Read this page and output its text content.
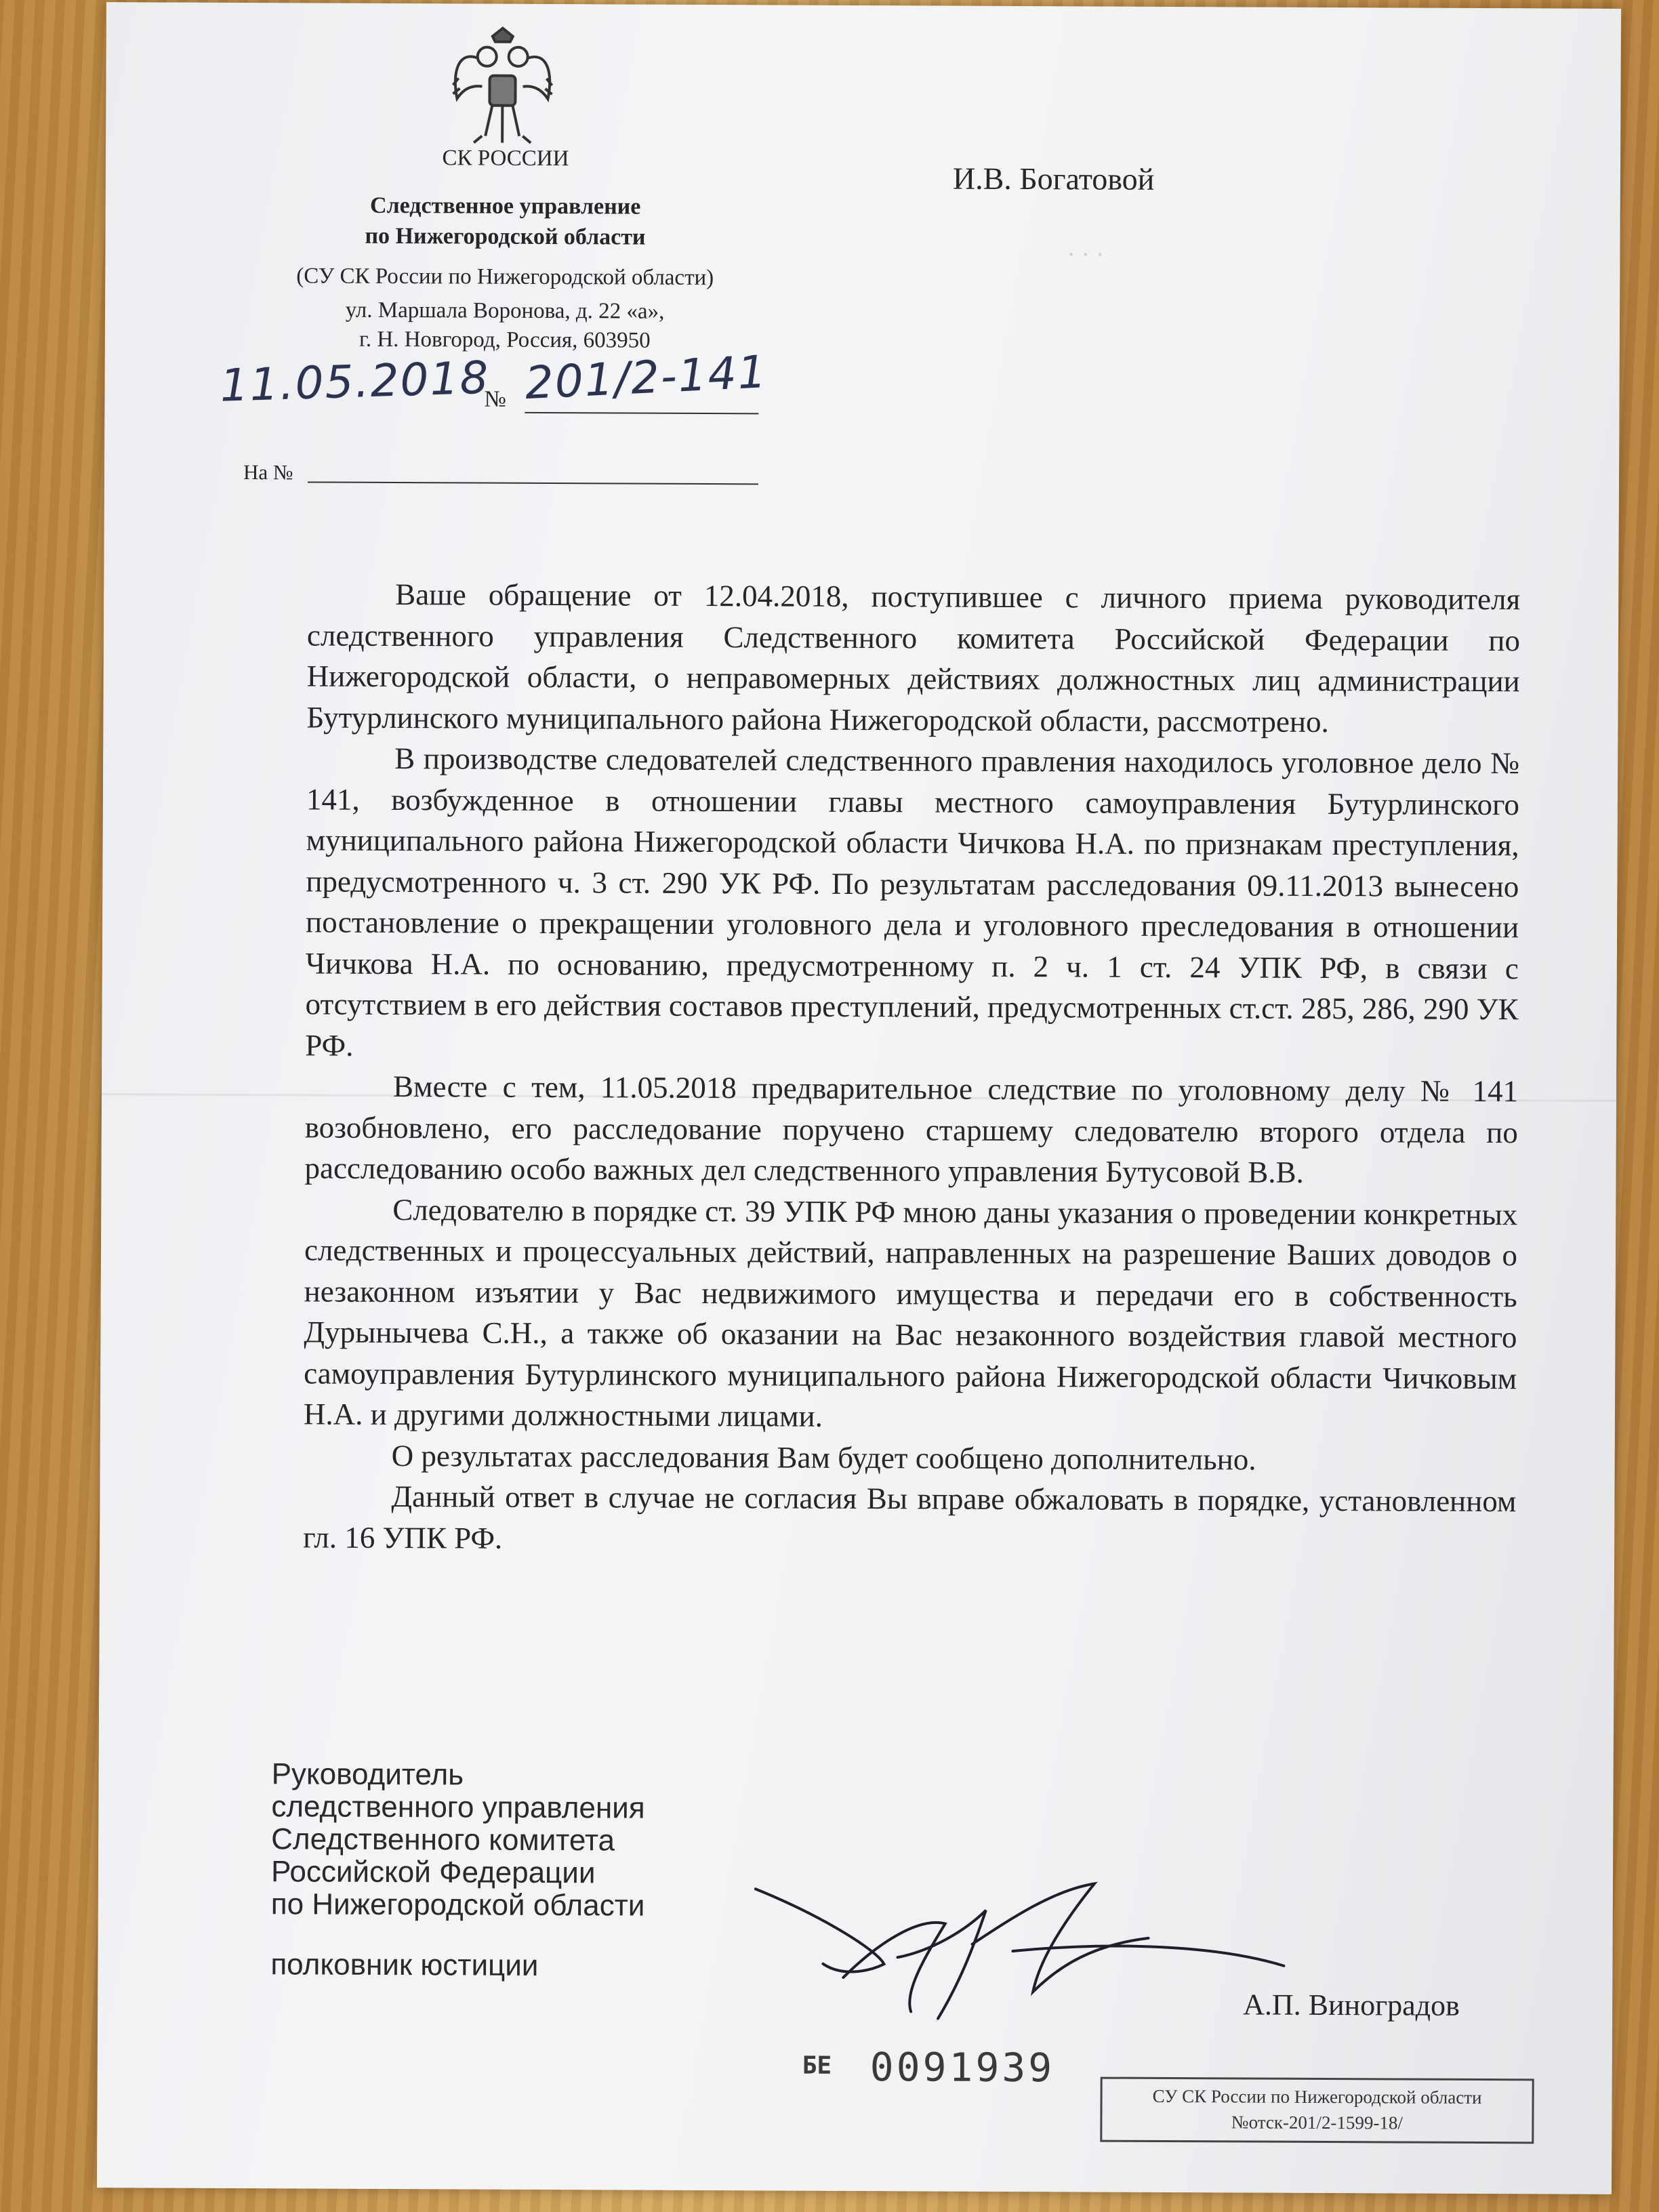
СК РОССИИ
Следственное управление
по Нижегородской области
(СУ СК России по Нижегородской области)
ул. Маршала Воронова, д. 22 «а»,
г. Н. Новгород, Россия, 603950
11.05.2018
№ 201/2-141
На №
И.В. Богатовой
. . .

Ваше обращение от 12.04.2018, поступившее с личного приема руководителя следственного управления Следственного комитета Российской Федерации по Нижегородской области, о неправомерных действиях должностных лиц администрации Бутурлинского муниципального района Нижегородской области, рассмотрено.

В производстве следователей следственного правления находилось уголовное дело № 141, возбужденное в отношении главы местного самоуправления Бутурлинского муниципального района Нижегородской области Чичкова Н.А. по признакам преступления, предусмотренного ч. 3 ст. 290 УК РФ. По результатам расследования 09.11.2013 вынесено постановление о прекращении уголовного дела и уголовного преследования в отношении Чичкова Н.А. по основанию, предусмотренному п. 2 ч. 1 ст. 24 УПК РФ, в связи с отсутствием в его действия составов преступлений, предусмотренных ст.ст. 285, 286, 290 УК РФ.

Вместе с тем, 11.05.2018 предварительное следствие по уголовному делу № 141 возобновлено, его расследование поручено старшему следователю второго отдела по расследованию особо важных дел следственного управления Бутусовой В.В.

Следователю в порядке ст. 39 УПК РФ мною даны указания о проведении конкретных следственных и процессуальных действий, направленных на разрешение Ваших доводов о незаконном изъятии у Вас недвижимого имущества и передачи его в собственность Дурынычева С.Н., а также об оказании на Вас незаконного воздействия главой местного самоуправления Бутурлинского муниципального района Нижегородской области Чичковым Н.А. и другими должностными лицами.

О результатах расследования Вам будет сообщено дополнительно.

Данный ответ в случае не согласия Вы вправе обжаловать в порядке, установленном гл. 16 УПК РФ.

Руководитель
следственного управления
Следственного комитета
Российской Федерации
по Нижегородской области
полковник юстиции
А.П. Виноградов
БЕ 0091939
СУ СК России по Нижегородской области
№отск-201/2-1599-18/
